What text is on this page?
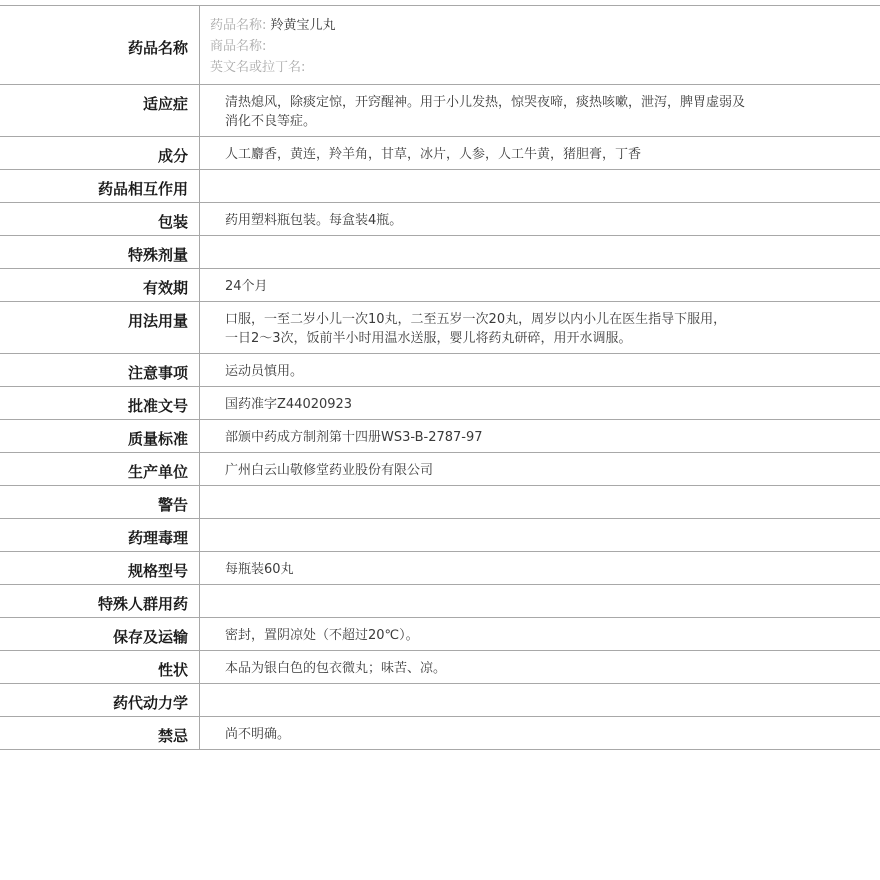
药品名称
药品名称: 羚黄宝儿丸
商品名称:
英文名或拉丁名:
适应症	清热熄风，除痰定惊，开窍醒神。用于小儿发热，惊哭夜啼，痰热咳嗽，泄泻，脾胃虚弱及
消化不良等症。
成分	人工麝香，黄连，羚羊角，甘草，冰片，人参，人工牛黄，猪胆膏，丁香
药品相互作用
包装	药用塑料瓶包装。每盒装4瓶。
特殊剂量
有效期	24个月
用法用量	口服，一至二岁小儿一次10丸，二至五岁一次20丸，周岁以内小儿在医生指导下服用，
一日2～3次，饭前半小时用温水送服，婴儿将药丸研碎，用开水调服。
注意事项	运动员慎用。
批准文号	国药准字Z44020923
质量标准	部颁中药成方制剂第十四册WS3-B-2787-97
生产单位	广州白云山敬修堂药业股份有限公司
警告
药理毒理
规格型号	每瓶装60丸
特殊人群用药
保存及运输	密封，置阴凉处（不超过20℃）。
性状	本品为银白色的包衣微丸；味苦、凉。
药代动力学
禁忌	尚不明确。
